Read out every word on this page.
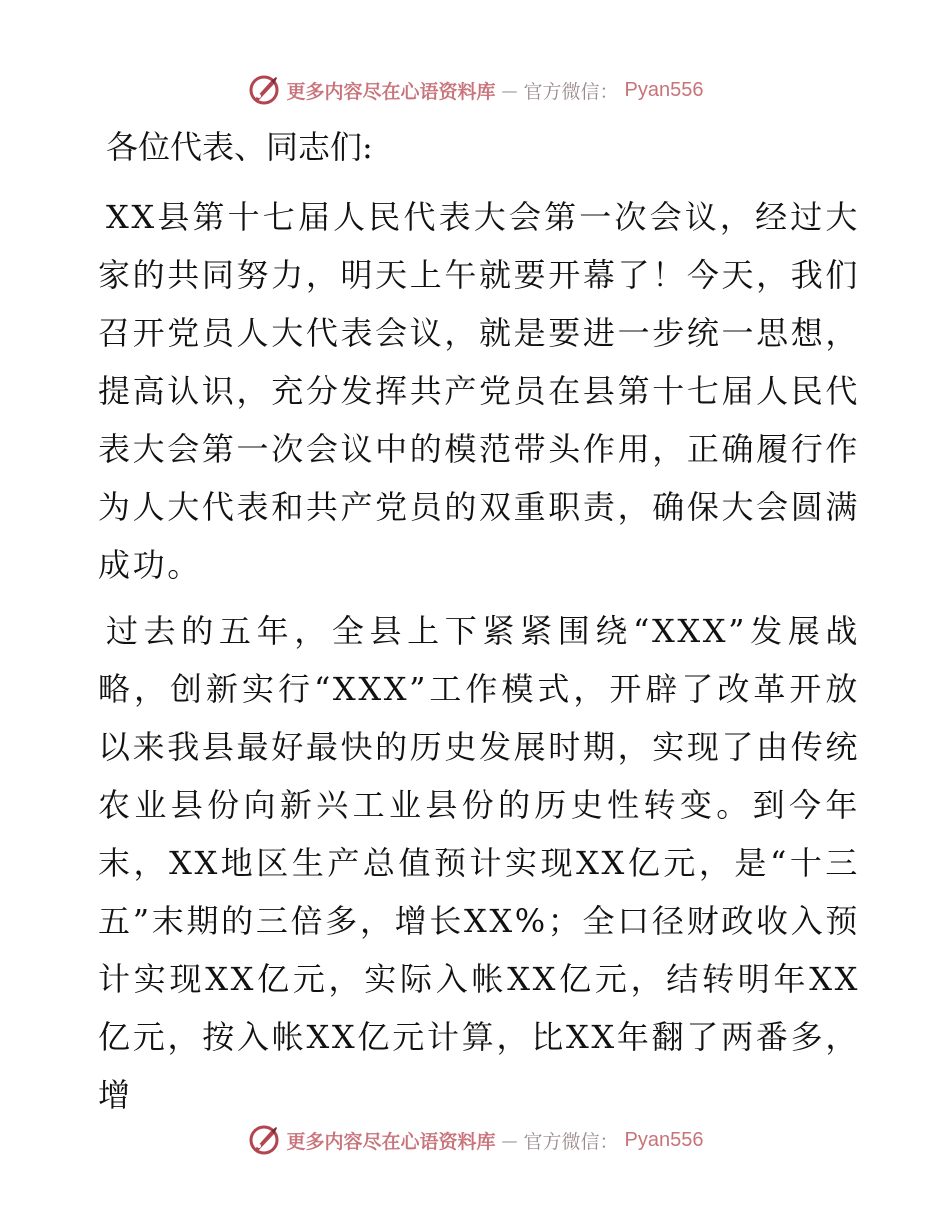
更多内容尽在心语资料库 — 官方微信： Pyan556
各位代表、同志们:

XX县第十七届人民代表大会第一次会议，经过大家的共同努力，明天上午就要开幕了！今天，我们召开党员人大代表会议，就是要进一步统一思想，提高认识，充分发挥共产党员在县第十七届人民代表大会第一次会议中的模范带头作用，正确履行作为人大代表和共产党员的双重职责，确保大会圆满成功。

过去的五年，全县上下紧紧围绕“XXX”发展战略，创新实行“XXX”工作模式，开辟了改革开放以来我县最好最快的历史发展时期，实现了由传统农业县份向新兴工业县份的历史性转变。到今年末，XX地区生产总值预计实现XX亿元，是“十三五”末期的三倍多，增长XX%；全口径财政收入预计实现XX亿元，实际入帐XX亿元，结转明年XX亿元，按入帐XX亿元计算，比XX年翻了两番多，增

更多内容尽在心语资料库 — 官方微信： Pyan556
